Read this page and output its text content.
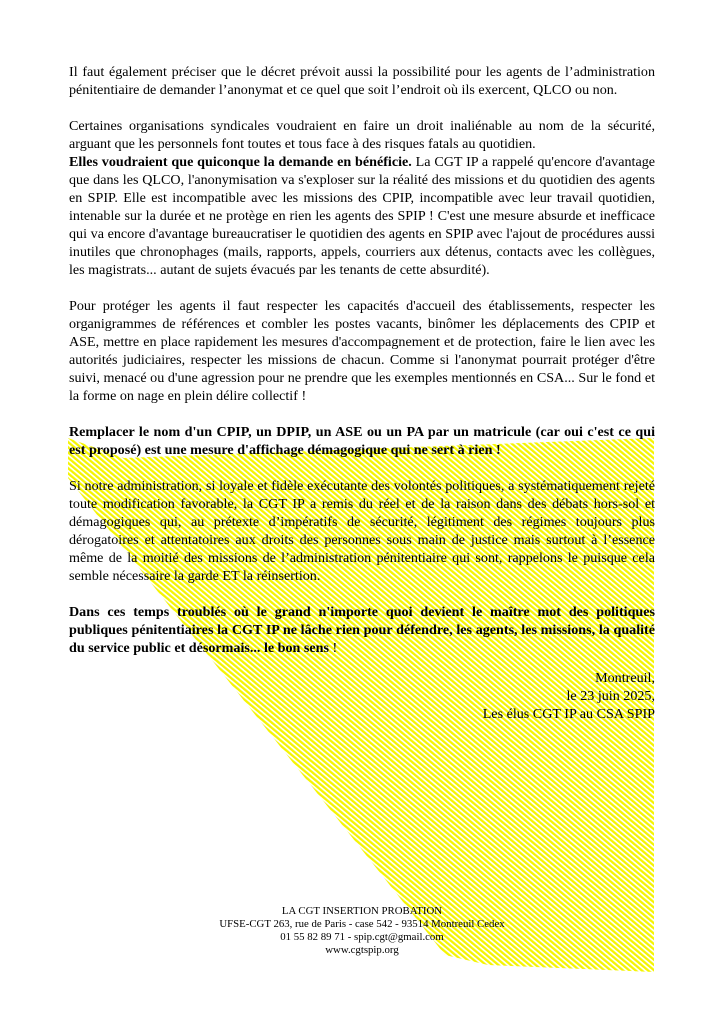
Il faut également préciser que le décret prévoit aussi la possibilité pour les agents de l’administration pénitentiaire de demander l’anonymat et ce quel que soit l’endroit où ils exercent, QLCO ou non.

Certaines organisations syndicales voudraient en faire un droit inaliénable au nom de la sécurité, arguant que les personnels font toutes et tous face à des risques fatals au quotidien.

Elles voudraient que quiconque la demande en bénéficie. La CGT IP a rappelé qu'encore d'avantage que dans les QLCO, l'anonymisation va s'exploser sur la réalité des missions et du quotidien des agents en SPIP. Elle est incompatible avec les missions des CPIP, incompatible avec leur travail quotidien, intenable sur la durée et ne protège en rien les agents des SPIP ! C'est une mesure absurde et inefficace qui va encore d'avantage bureaucratiser le quotidien des agents en SPIP avec l'ajout de procédures aussi inutiles que chronophages (mails, rapports, appels, courriers aux détenus, contacts avec les collègues, les magistrats... autant de sujets évacués par les tenants de cette absurdité).

Pour protéger les agents il faut respecter les capacités d'accueil des établissements, respecter les organigrammes de références et combler les postes vacants, binômer les déplacements des CPIP et ASE, mettre en place rapidement les mesures d'accompagnement et de protection, faire le lien avec les autorités judiciaires, respecter les missions de chacun. Comme si l'anonymat pourrait protéger d'être suivi, menacé ou d'une agression pour ne prendre que les exemples mentionnés en CSA... Sur le fond et la forme on nage en plein délire collectif !

Remplacer le nom d'un CPIP, un DPIP, un ASE ou un PA par un matricule (car oui c'est ce qui est proposé) est une mesure d'affichage démagogique qui ne sert à rien !

Si notre administration, si loyale et fidèle exécutante des volontés politiques, a systématiquement rejeté toute modification favorable, la CGT IP a remis du réel et de la raison dans des débats hors-sol et démagogiques qui, au prétexte d’impératifs de sécurité, légitiment des régimes toujours plus dérogatoires et attentatoires aux droits des personnes sous main de justice mais surtout à l’essence même de la moitié des missions de l’administration pénitentiaire qui sont, rappelons le puisque cela semble nécessaire la garde ET la réinsertion.

Dans ces temps troublés où le grand n'importe quoi devient le maître mot des politiques publiques pénitentiaires la CGT IP ne lâche rien pour défendre, les agents, les missions, la qualité du service public et désormais... le bon sens !

Montreuil,
le 23 juin 2025,
Les élus CGT IP au CSA SPIP
LA CGT INSERTION PROBATION
UFSE-CGT 263, rue de Paris - case 542 - 93514 Montreuil Cedex
01 55 82 89 71 - spip.cgt@gmail.com
www.cgtspip.org
